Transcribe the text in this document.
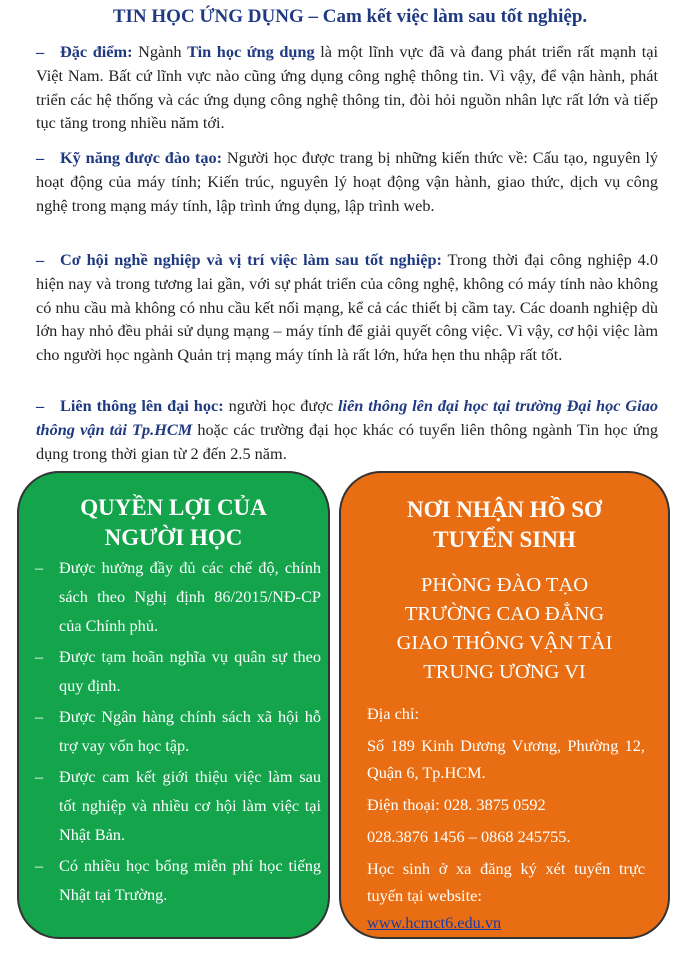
TIN HỌC ỨNG DỤNG – Cam kết việc làm sau tốt nghiệp.

– Đặc điểm: Ngành Tin học ứng dụng là một lĩnh vực đã và đang phát triển rất mạnh tại Việt Nam. Bất cứ lĩnh vực nào cũng ứng dụng công nghệ thông tin. Vì vậy, để vận hành, phát triển các hệ thống và các ứng dụng công nghệ thông tin, đòi hỏi nguồn nhân lực rất lớn và tiếp tục tăng trong nhiều năm tới.

– Kỹ năng được đào tạo: Người học được trang bị những kiến thức về: Cấu tạo, nguyên lý hoạt động của máy tính; Kiến trúc, nguyên lý hoạt động vận hành, giao thức, dịch vụ công nghệ trong mạng máy tính, lập trình ứng dụng, lập trình web.

– Cơ hội nghề nghiệp và vị trí việc làm sau tốt nghiệp: Trong thời đại công nghiệp 4.0 hiện nay và trong tương lai gần, với sự phát triển của công nghệ, không có máy tính nào không có nhu cầu mà không có nhu cầu kết nối mạng, kể cả các thiết bị cầm tay. Các doanh nghiệp dù lớn hay nhỏ đều phải sử dụng mạng – máy tính để giải quyết công việc. Vì vậy, cơ hội việc làm cho người học ngành Quản trị mạng máy tính là rất lớn, hứa hẹn thu nhập rất tốt.

– Liên thông lên đại học: người học được liên thông lên đại học tại trường Đại học Giao thông vận tải Tp.HCM hoặc các trường đại học khác có tuyển liên thông ngành Tin học ứng dụng trong thời gian từ 2 đến 2.5 năm.

QUYỀN LỢI CỦA
NGƯỜI HỌC
– Được hưởng đầy đủ các chế độ, chính sách theo Nghị định 86/2015/NĐ-CP của Chính phủ.
– Được tạm hoãn nghĩa vụ quân sự theo quy định.
– Được Ngân hàng chính sách xã hội hỗ trợ vay vốn học tập.
– Được cam kết giới thiệu việc làm sau tốt nghiệp và nhiều cơ hội làm việc tại Nhật Bản.
– Có nhiều học bổng miễn phí học tiếng Nhật tại Trường.
NƠI NHẬN HỒ SƠ
TUYỂN SINH

PHÒNG ĐÀO TẠO
TRƯỜNG CAO ĐẲNG
GIAO THÔNG VẬN TẢI
TRUNG ƯƠNG VI

Địa chỉ:

Số 189 Kinh Dương Vương, Phường 12, Quận 6, Tp.HCM.

Điện thoại: 028. 3875 0592

028.3876 1456 – 0868 245755.

Học sinh ở xa đăng ký xét tuyển trực tuyến tại website:

www.hcmct6.edu.vn
